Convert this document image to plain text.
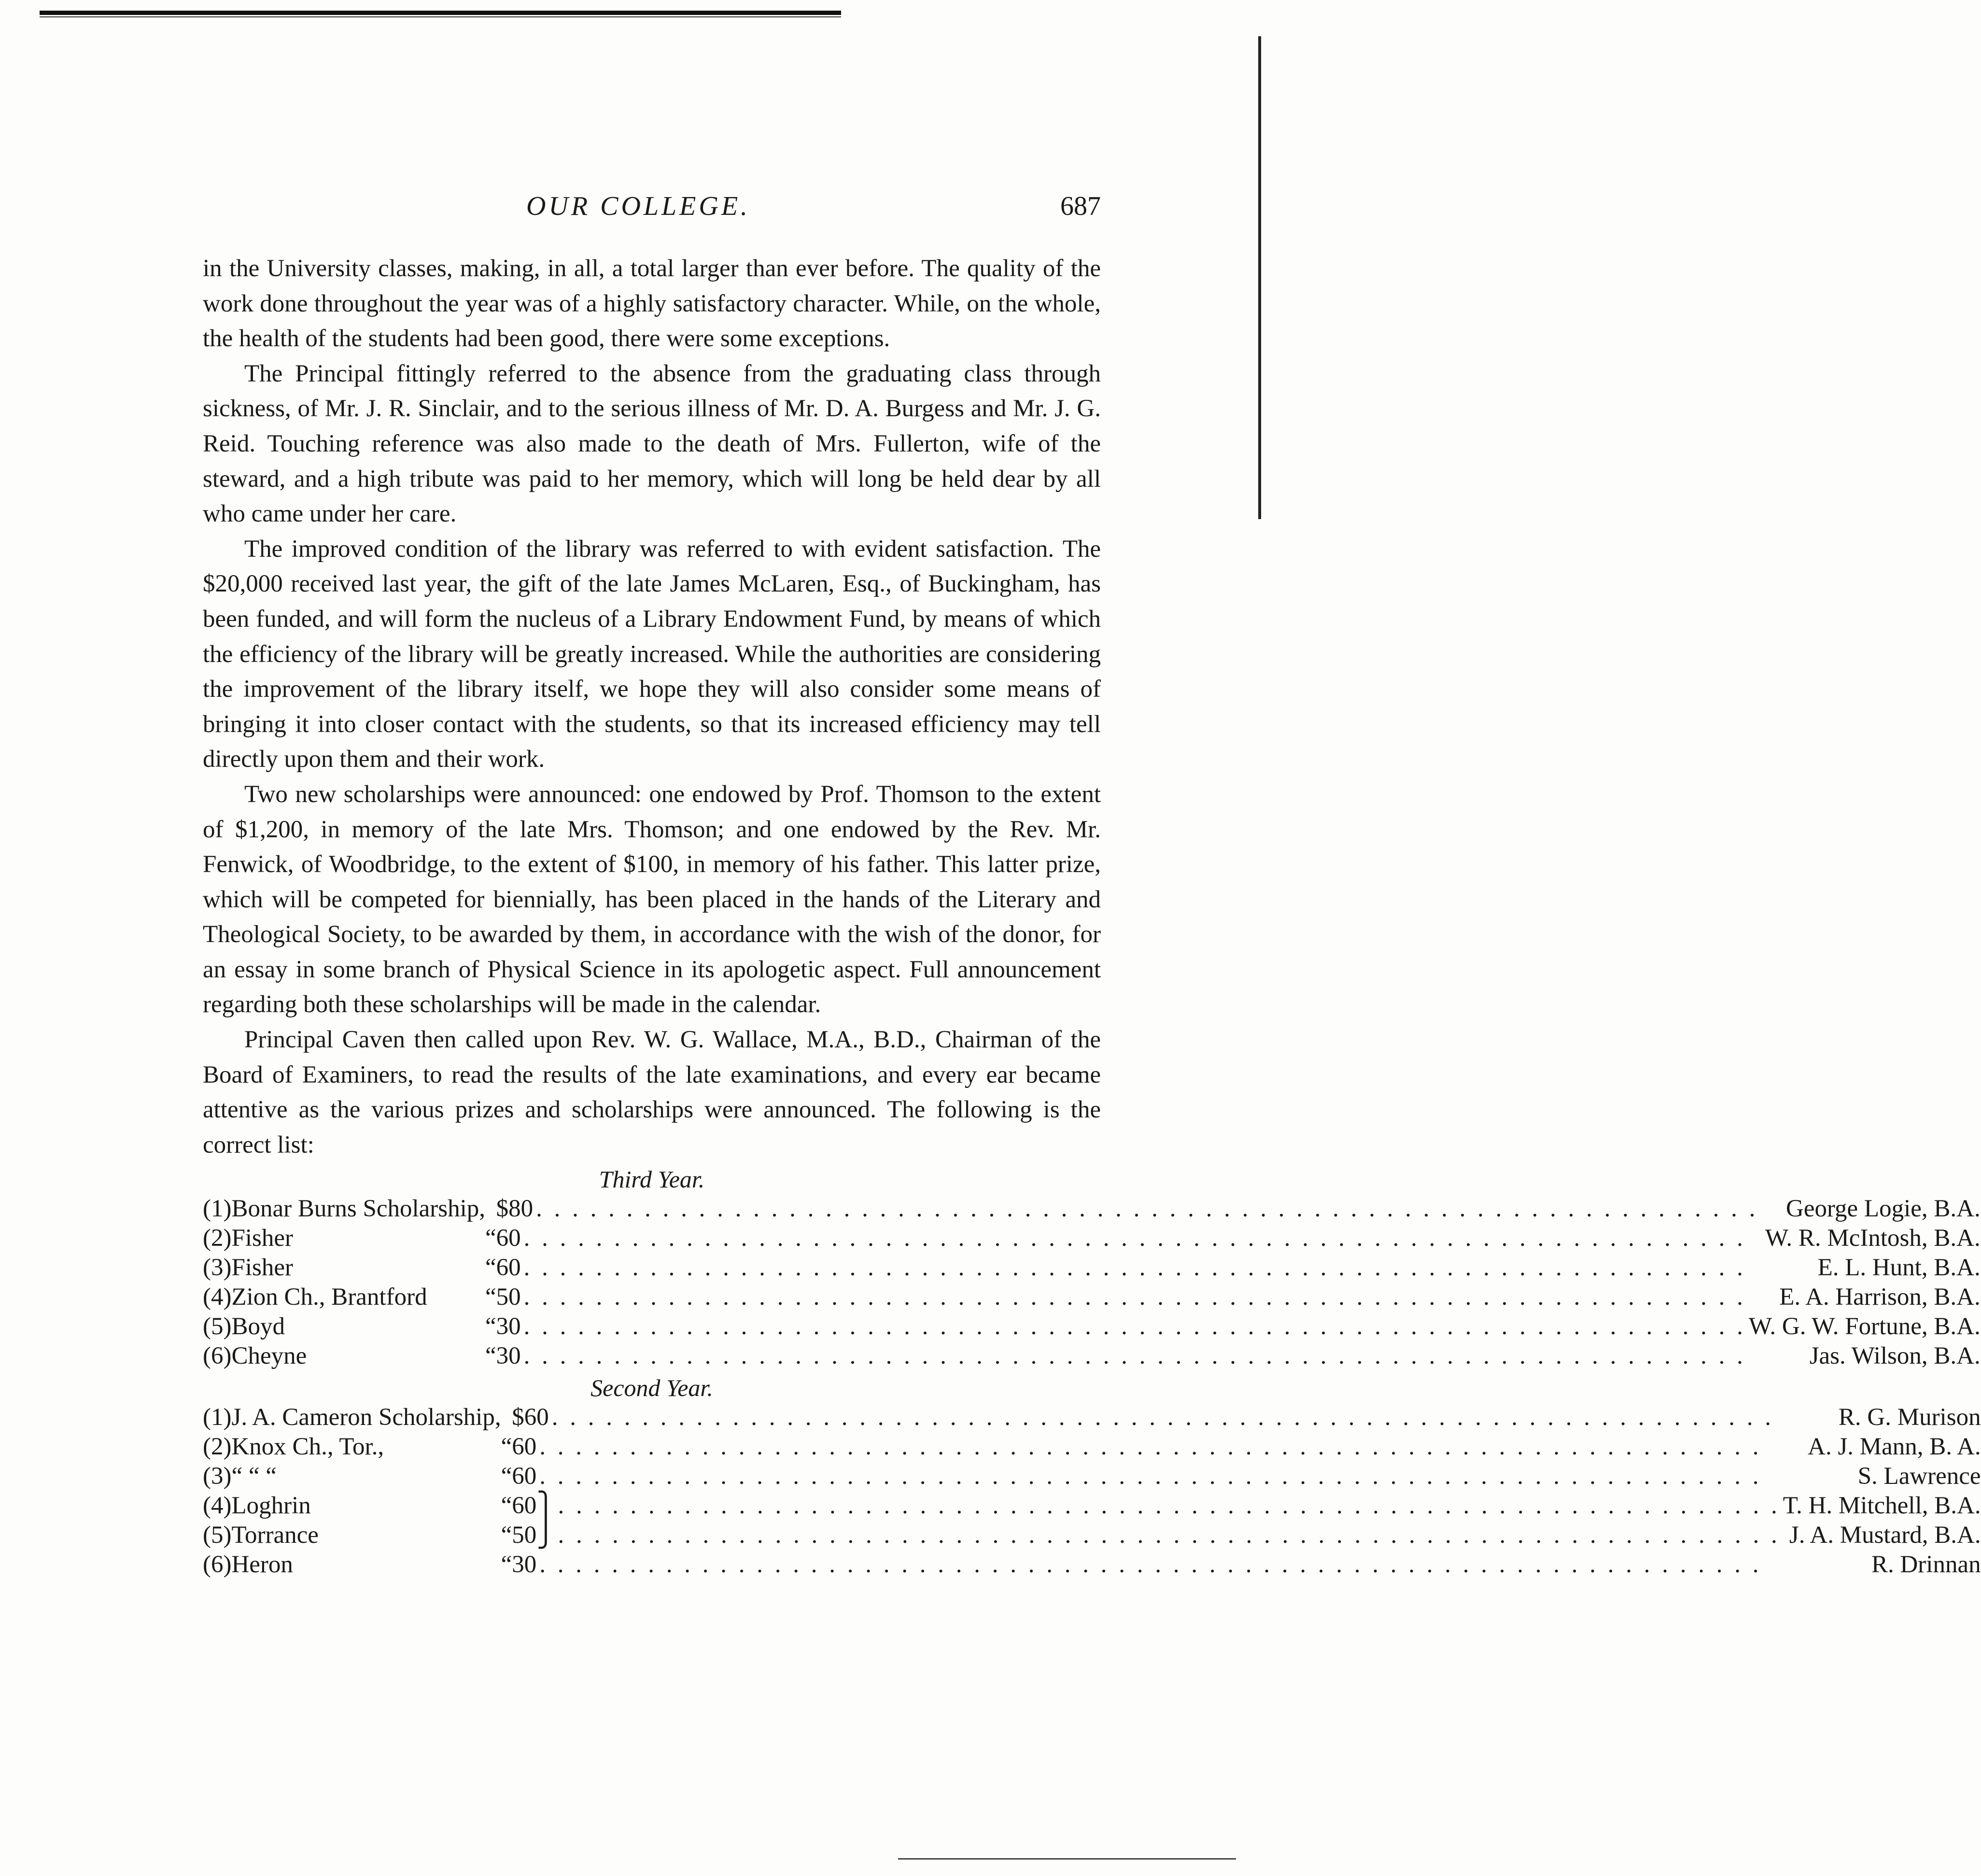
OUR COLLEGE.	687

in the University classes, making, in all, a total larger than ever before. The quality of the work done throughout the year was of a highly satisfactory character. While, on the whole, the health of the students had been good, there were some exceptions.

The Principal fittingly referred to the absence from the graduating class through sickness, of Mr. J. R. Sinclair, and to the serious illness of Mr. D. A. Burgess and Mr. J. G. Reid. Touching reference was also made to the death of Mrs. Fullerton, wife of the steward, and a high tribute was paid to her memory, which will long be held dear by all who came under her care.

The improved condition of the library was referred to with evident satisfaction. The $20,000 received last year, the gift of the late James McLaren, Esq., of Buckingham, has been funded, and will form the nucleus of a Library Endowment Fund, by means of which the efficiency of the library will be greatly increased. While the authorities are considering the improvement of the library itself, we hope they will also consider some means of bringing it into closer contact with the students, so that its increased efficiency may tell directly upon them and their work.

Two new scholarships were announced: one endowed by Prof. Thomson to the extent of $1,200, in memory of the late Mrs. Thomson; and one endowed by the Rev. Mr. Fenwick, of Woodbridge, to the extent of $100, in memory of his father. This latter prize, which will be competed for biennially, has been placed in the hands of the Literary and Theological Society, to be awarded by them, in accordance with the wish of the donor, for an essay in some branch of Physical Science in its apologetic aspect. Full announcement regarding both these scholarships will be made in the calendar.

Principal Caven then called upon Rev. W. G. Wallace, M.A., B.D., Chairman of the Board of Examiners, to read the results of the late examinations, and every ear became attentive as the various prizes and scholarships were announced. The following is the correct list:

Third Year.
(1)	Bonar Burns Scholarship,		$80 . . . George Logie, B.A.

(2)	Fisher	“	60 . . . W. R. McIntosh, B.A.

(3)	Fisher	“	60 . . . E. L. Hunt, B.A.

(4)	Zion Ch., Brantford	“	50 . . . E. A. Harrison, B.A.

(5)	Boyd	“	30 . . . W. G. W. Fortune, B.A.

(6)	Cheyne	“	30 . . . Jas. Wilson, B.A.
Second Year.
(1)	J. A. Cameron Scholarship,		$60 . . . R. G. Murison

(2)	Knox Ch., Tor.,	“	60 . . . A. J. Mann, B. A.

(3)	“ “ “	“	60 . . . S. Lawrence

(4)	Loghrin	“	60⎫ . . . T. H. Mitchell, B.A.

(5)	Torrance	“	50⎭ . . . J. A. Mustard, B.A.

(6)	Heron	“	30 . . . R. Drinnan
